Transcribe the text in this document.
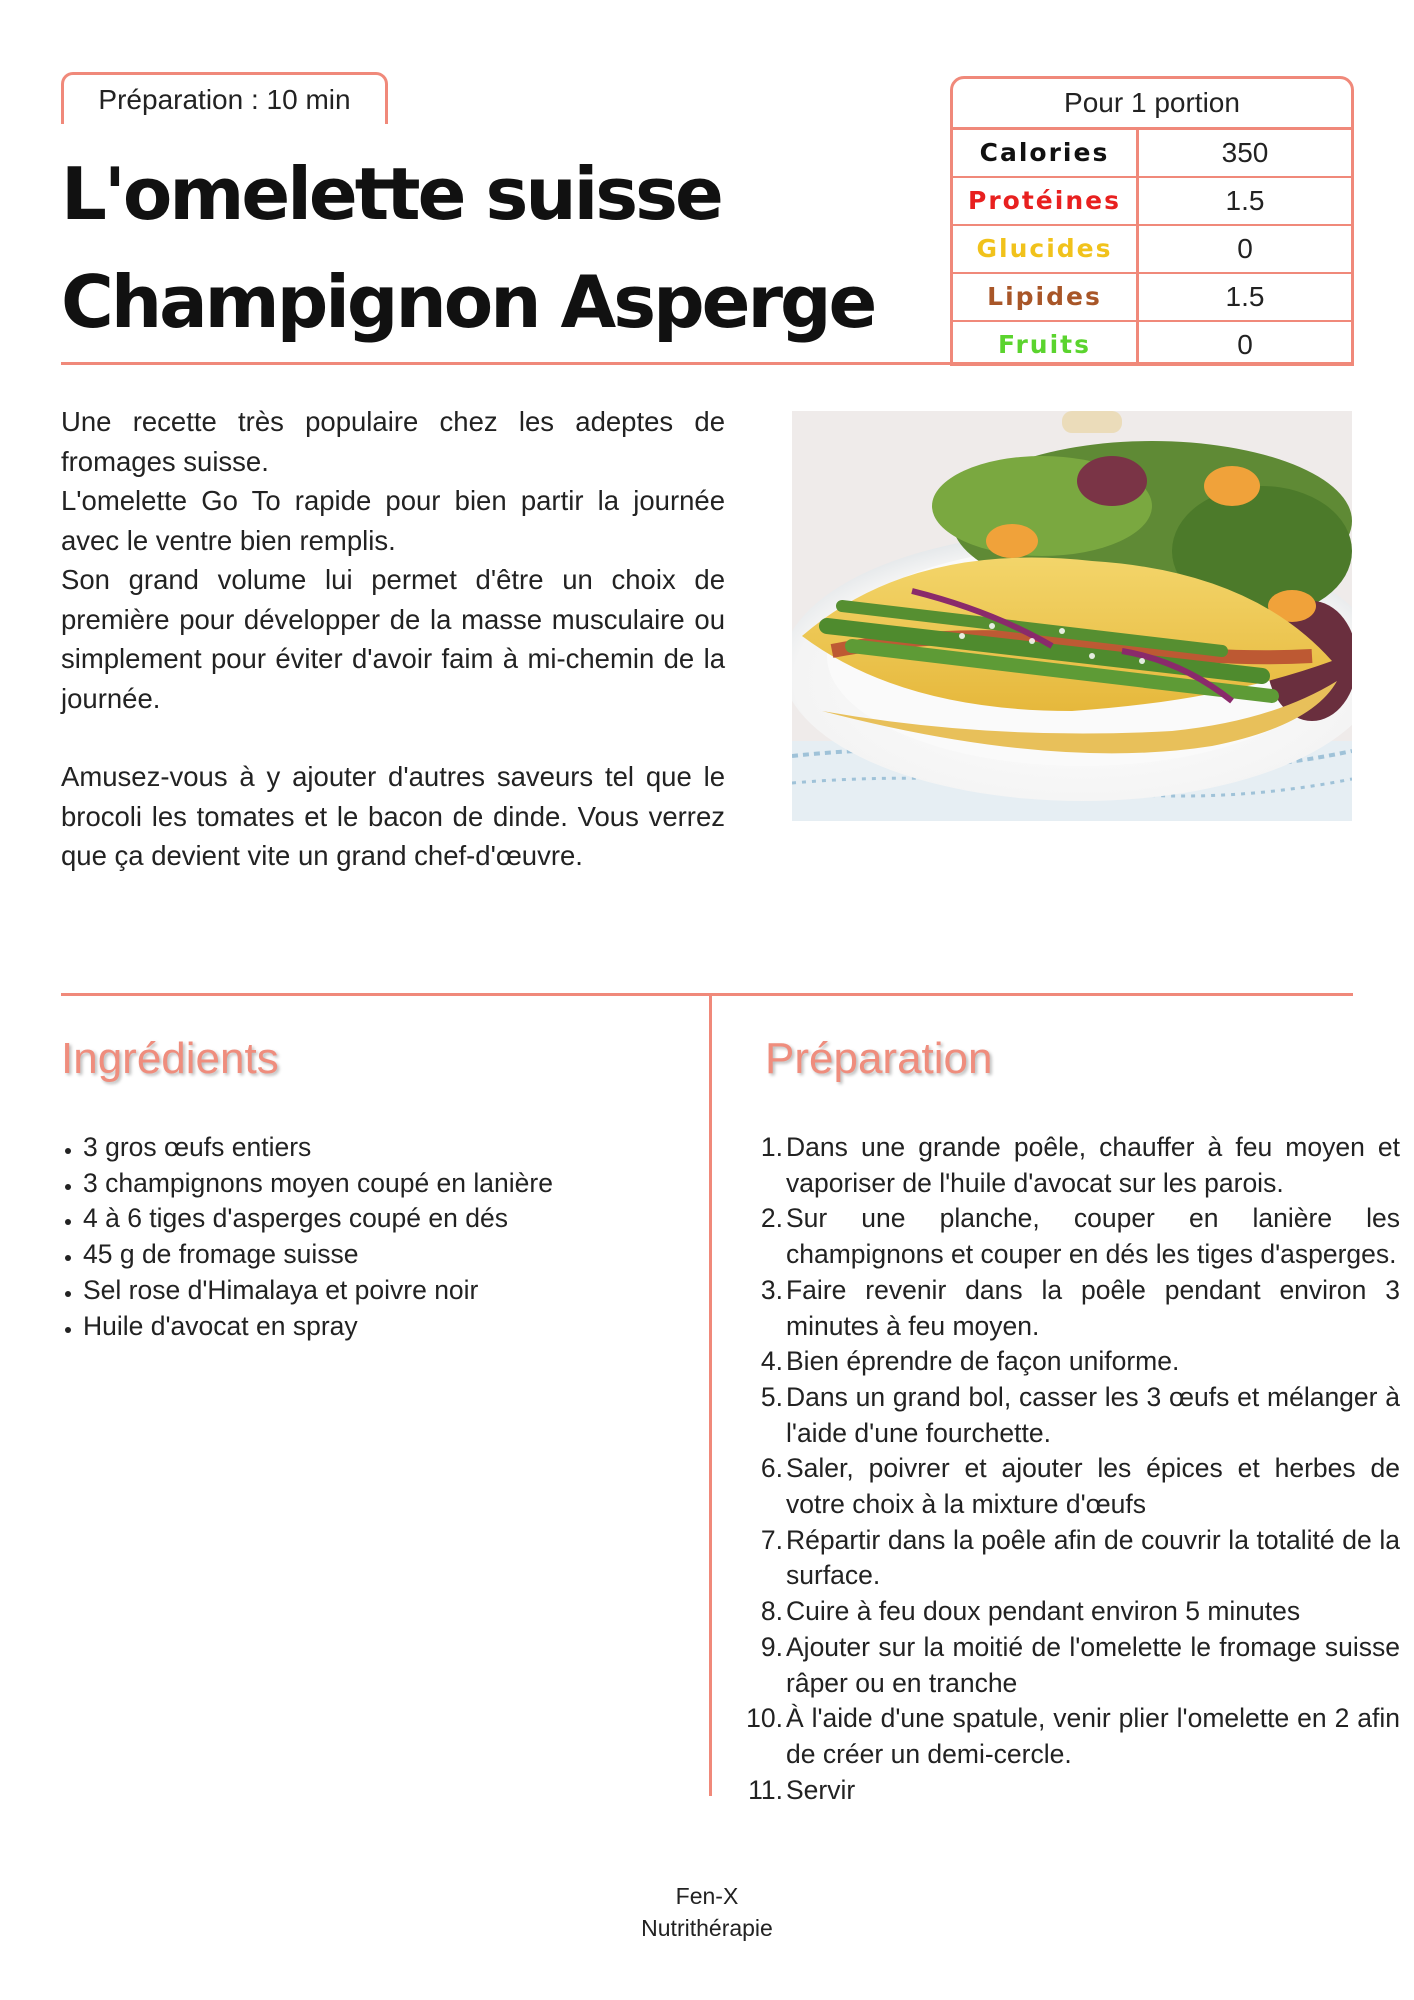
Préparation : 10 min
L'omelette suisse
Champignon Asperge
Pour 1 portion
Calories	350
Protéines	1.5
Glucides	0
Lipides	1.5
Fruits	0

Une recette très populaire chez les adeptes de fromages suisse.

L'omelette Go To rapide pour bien partir la journée avec le ventre bien remplis.

Son grand volume lui permet d'être un choix de première pour développer de la masse musculaire ou simplement pour éviter d'avoir faim à mi-chemin de la journée.

Amusez-vous à y ajouter d'autres saveurs tel que le brocoli les tomates et le bacon de dinde. Vous verrez que ça devient vite un grand chef-d'œuvre.

Ingrédients	Préparation
• 3 gros œufs entiers
• 3 champignons moyen coupé en lanière
• 4 à 6 tiges d'asperges coupé en dés
• 45 g de fromage suisse
• Sel rose d'Himalaya et poivre noir
• Huile d'avocat en spray
1. Dans une grande poêle, chauffer à feu moyen et vaporiser de l'huile d'avocat sur les parois.
2. Sur une planche, couper en lanière les champignons et couper en dés les tiges d'asperges.
3. Faire revenir dans la poêle pendant environ 3 minutes à feu moyen.
4. Bien éprendre de façon uniforme.
5. Dans un grand bol, casser les 3 œufs et mélanger à l'aide d'une fourchette.
6. Saler, poivrer et ajouter les épices et herbes de votre choix à la mixture d'œufs
7. Répartir dans la poêle afin de couvrir la totalité de la surface.
8. Cuire à feu doux pendant environ 5 minutes
9. Ajouter sur la moitié de l'omelette le fromage suisse râper ou en tranche
10. À l'aide d'une spatule, venir plier l'omelette en 2 afin de créer un demi-cercle.
11. Servir
Fen-X
Nutrithérapie
